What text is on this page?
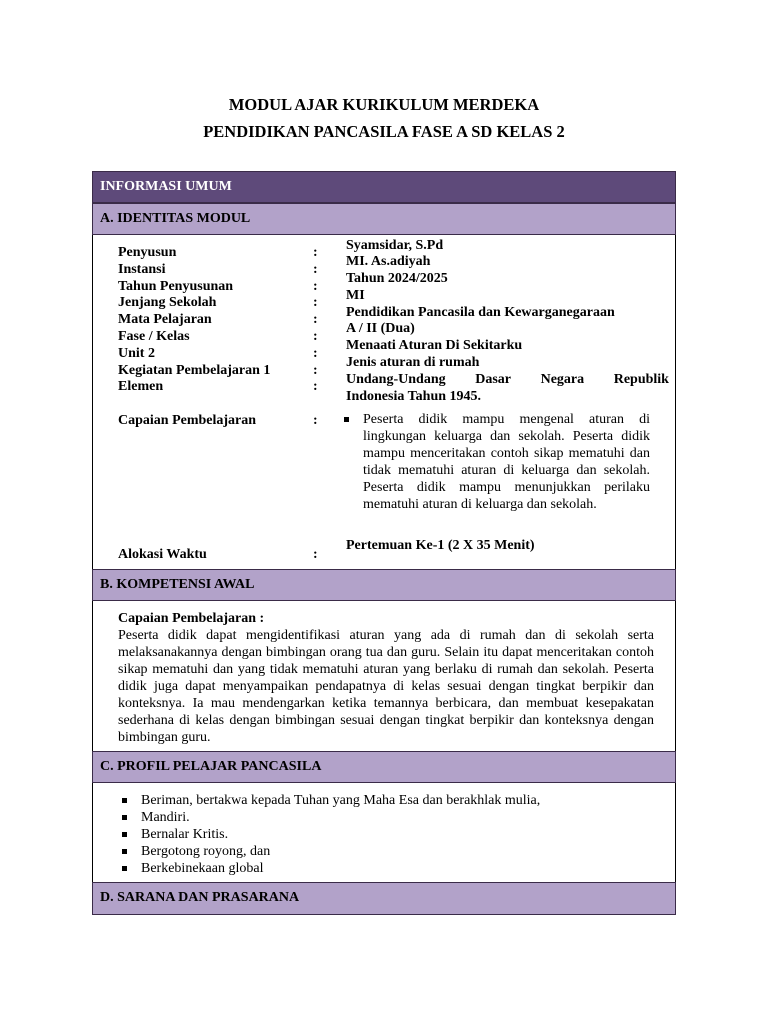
MODUL AJAR KURIKULUM MERDEKA
PENDIDIKAN PANCASILA FASE A SD KELAS 2
INFORMASI UMUM
A. IDENTITAS MODUL
Penyusun
Instansi
Tahun Penyusunan
Jenjang Sekolah
Mata Pelajaran
Fase / Kelas
Unit 2
Kegiatan Pembelajaran 1
Elemen
Capaian Pembelajaran
Alokasi Waktu
:
:
:
:
:
:
:
:
:
:
:
Syamsidar, S.Pd
MI. As.adiyah
Tahun 2024/2025
MI
Pendidikan Pancasila dan Kewarganegaraan
A / II (Dua)
Menaati Aturan Di Sekitarku
Jenis aturan di rumah
Undang-Undang Dasar Negara Republik
Indonesia Tahun 1945.
Peserta didik mampu mengenal aturan di lingkungan keluarga dan sekolah. Peserta didik mampu menceritakan contoh sikap mematuhi dan tidak mematuhi aturan di keluarga dan sekolah. Peserta didik mampu menunjukkan perilaku mematuhi aturan di keluarga dan sekolah.
Pertemuan Ke-1 (2 X 35 Menit)
B. KOMPETENSI AWAL
Capaian Pembelajaran :
Peserta didik dapat mengidentifikasi aturan yang ada di rumah dan di sekolah serta melaksanakannya dengan bimbingan orang tua dan guru. Selain itu dapat menceritakan contoh sikap mematuhi dan yang tidak mematuhi aturan yang berlaku di rumah dan sekolah. Peserta didik juga dapat menyampaikan pendapatnya di kelas sesuai dengan tingkat berpikir dan konteksnya. Ia mau mendengarkan ketika temannya berbicara, dan membuat kesepakatan sederhana di kelas dengan bimbingan sesuai dengan tingkat berpikir dan konteksnya dengan bimbingan guru.
C. PROFIL PELAJAR PANCASILA
Beriman, bertakwa kepada Tuhan yang Maha Esa dan berakhlak mulia,
Mandiri.
Bernalar Kritis.
Bergotong royong, dan
Berkebinekaan global
D. SARANA DAN PRASARANA
